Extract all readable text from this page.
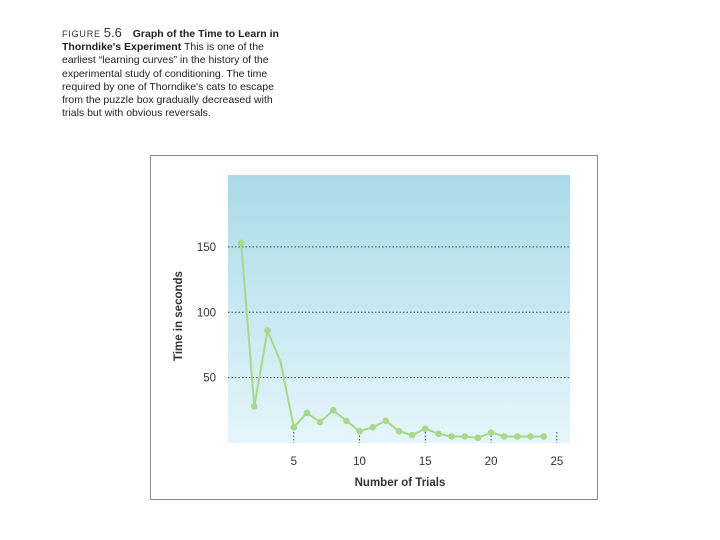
FIGURE 5.6 Graph of the Time to Learn in Thorndike's Experiment This is one of the earliest “learning curves” in the history of the experimental study of conditioning. The time required by one of Thorndike's cats to escape from the puzzle box gradually decreased with trials but with obvious reversals.
5	10	15	20	25
50
100
150
Number of Trials
Time in seconds
